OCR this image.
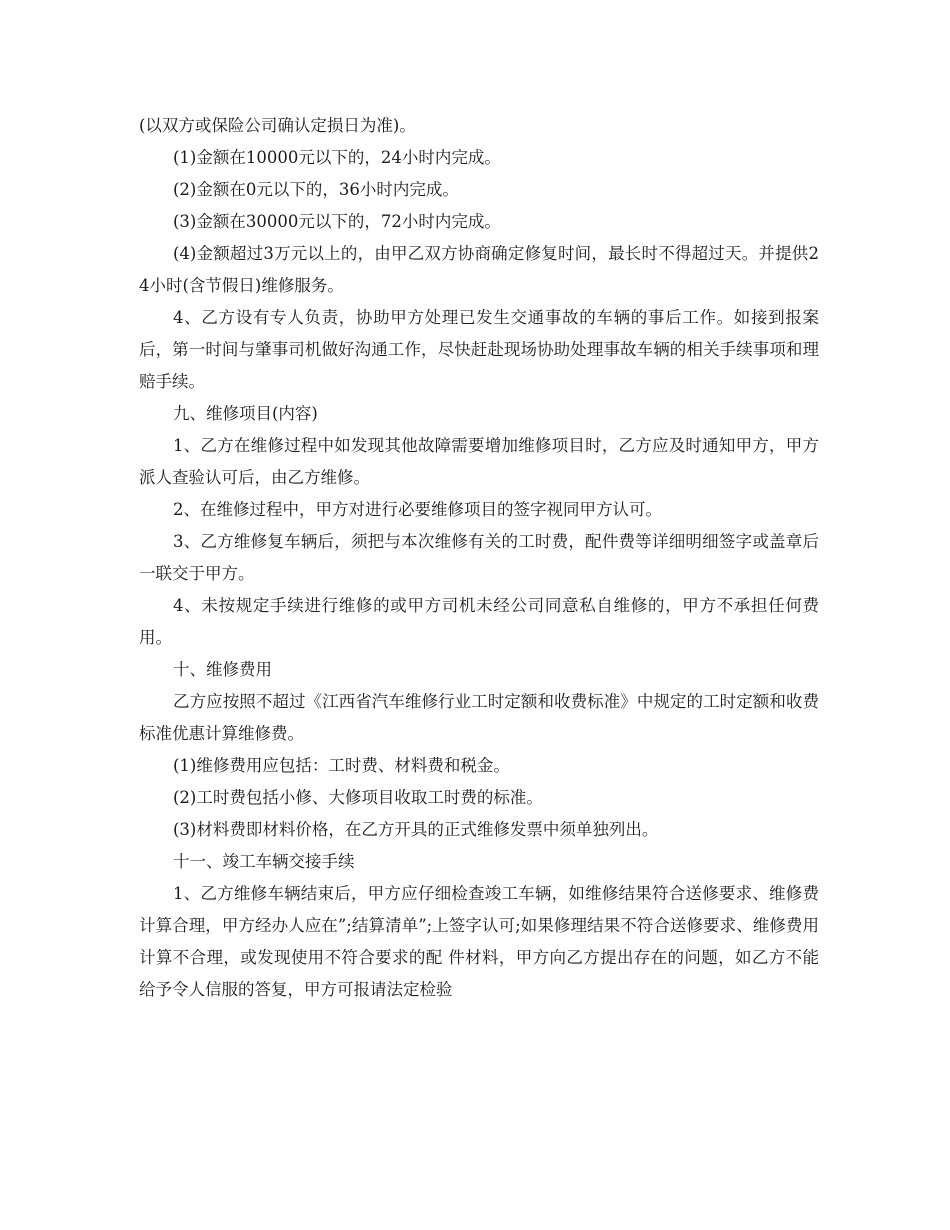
(以双方或保险公司确认定损日为准)。

(1)金额在10000元以下的，24小时内完成。

(2)金额在0元以下的，36小时内完成。

(3)金额在30000元以下的，72小时内完成。

(4)金额超过3万元以上的，由甲乙双方协商确定修复时间，最长时不得超过天。并提供24小时(含节假日)维修服务。

4、乙方设有专人负责，协助甲方处理已发生交通事故的车辆的事后工作。如接到报案后，第一时间与肇事司机做好沟通工作，尽快赶赴现场协助处理事故车辆的相关手续事项和理赔手续。

九、维修项目(内容)

1、乙方在维修过程中如发现其他故障需要增加维修项目时，乙方应及时通知甲方，甲方派人查验认可后，由乙方维修。

2、在维修过程中，甲方对进行必要维修项目的签字视同甲方认可。

3、乙方维修复车辆后，须把与本次维修有关的工时费，配件费等详细明细签字或盖章后一联交于甲方。

4、未按规定手续进行维修的或甲方司机未经公司同意私自维修的，甲方不承担任何费用。

十、维修费用

乙方应按照不超过《江西省汽车维修行业工时定额和收费标准》中规定的工时定额和收费标准优惠计算维修费。

(1)维修费用应包括：工时费、材料费和税金。

(2)工时费包括小修、大修项目收取工时费的标准。

(3)材料费即材料价格，在乙方开具的正式维修发票中须单独列出。

十一、竣工车辆交接手续

1、乙方维修车辆结束后，甲方应仔细检查竣工车辆，如维修结果符合送修要求、维修费计算合理，甲方经办人应在”;结算清单”;上签字认可;如果修理结果不符合送修要求、维修费用计算不合理，或发现使用不符合要求的配 件材料，甲方向乙方提出存在的问题，如乙方不能给予令人信服的答复，甲方可报请法定检验
